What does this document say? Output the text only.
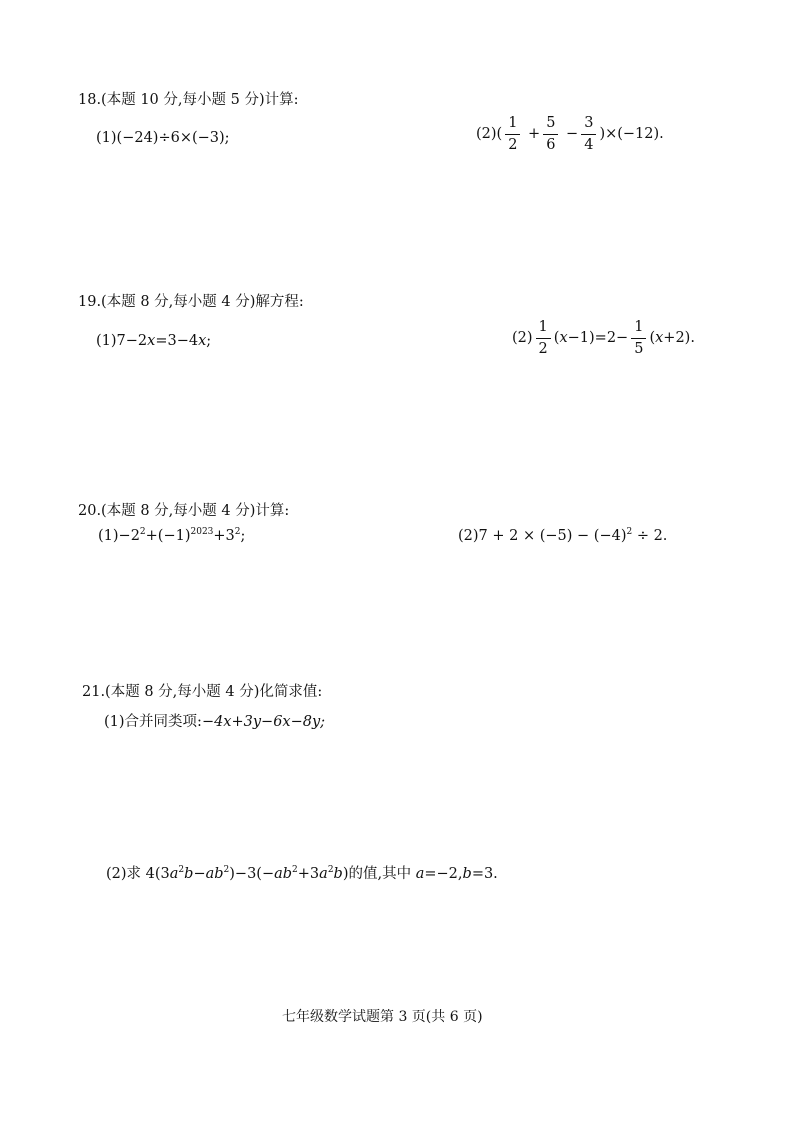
18.(本题 10 分,每小题 5 分)计算:
(1)(−24)÷6×(−3);	$(2)( \frac{1}{2} + \frac{5}{6} - \frac{3}{4} )\times(-12)$.
19.(本题 8 分,每小题 4 分)解方程:
(1)7−2x=3−4x;	$(2) \frac{1}{2} (x-1)=2- \frac{1}{5} (x+2)$.
20.(本题 8 分,每小题 4 分)计算:
$(1)-2^2+(-1)^{2023}+3^2$;	$(2)7 + 2 \times (-5) - (-4)^2 \div 2$.
21.(本题 8 分,每小题 4 分)化简求值:
(1)合并同类项:−4x+3y−6x−8y;
(2)求 $4(3a^2b-ab^2)-3(-ab^2+3a^2b)$的值,其中 a=−2,b=3.
七年级数学试题第 3 页(共 6 页)
